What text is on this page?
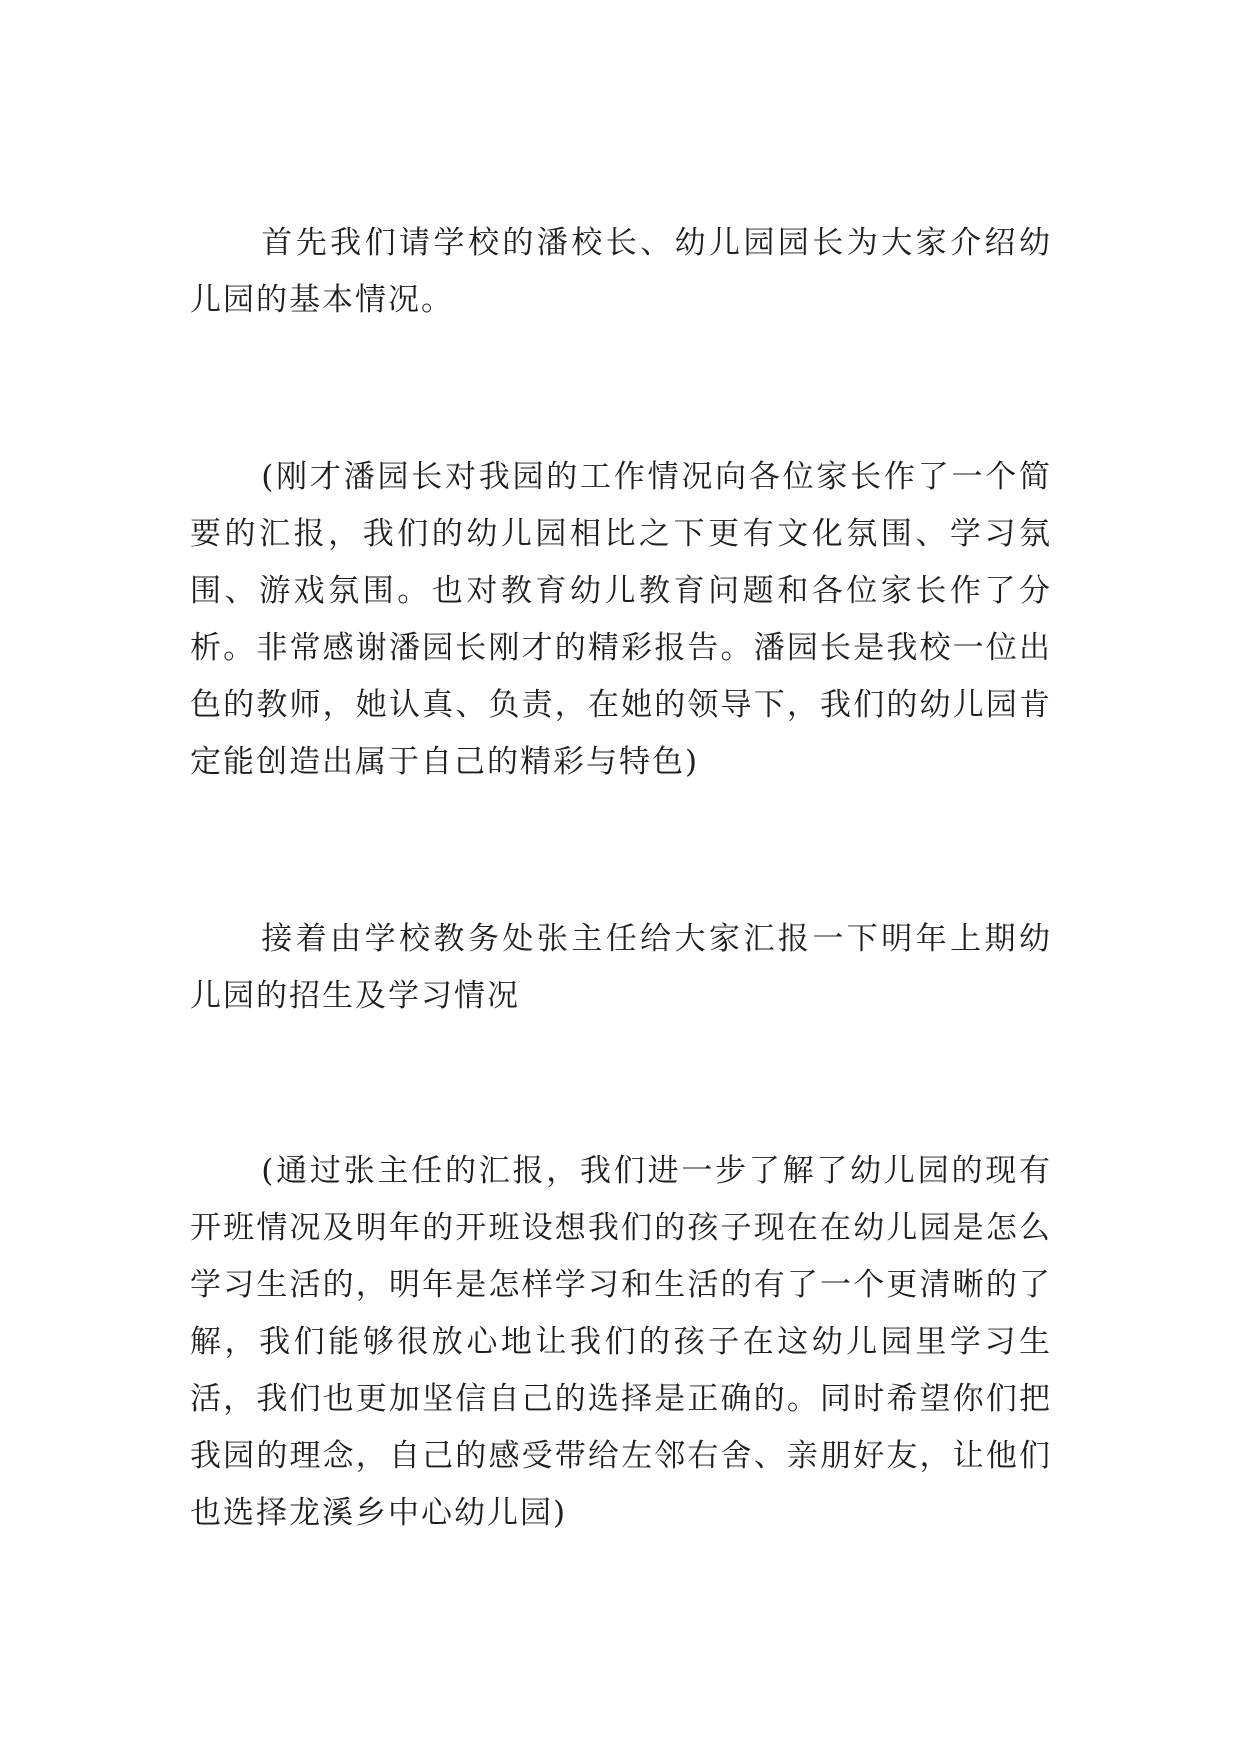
首先我们请学校的潘校长、幼儿园园长为大家介绍幼儿园的基本情况。

(刚才潘园长对我园的工作情况向各位家长作了一个简要的汇报，我们的幼儿园相比之下更有文化氛围、学习氛围、游戏氛围。也对教育幼儿教育问题和各位家长作了分析。非常感谢潘园长刚才的精彩报告。潘园长是我校一位出色的教师，她认真、负责，在她的领导下，我们的幼儿园肯定能创造出属于自己的精彩与特色)

接着由学校教务处张主任给大家汇报一下明年上期幼儿园的招生及学习情况

(通过张主任的汇报，我们进一步了解了幼儿园的现有开班情况及明年的开班设想我们的孩子现在在幼儿园是怎么学习生活的，明年是怎样学习和生活的有了一个更清晰的了解，我们能够很放心地让我们的孩子在这幼儿园里学习生活，我们也更加坚信自己的选择是正确的。同时希望你们把我园的理念，自己的感受带给左邻右舍、亲朋好友，让他们也选择龙溪乡中心幼儿园)
